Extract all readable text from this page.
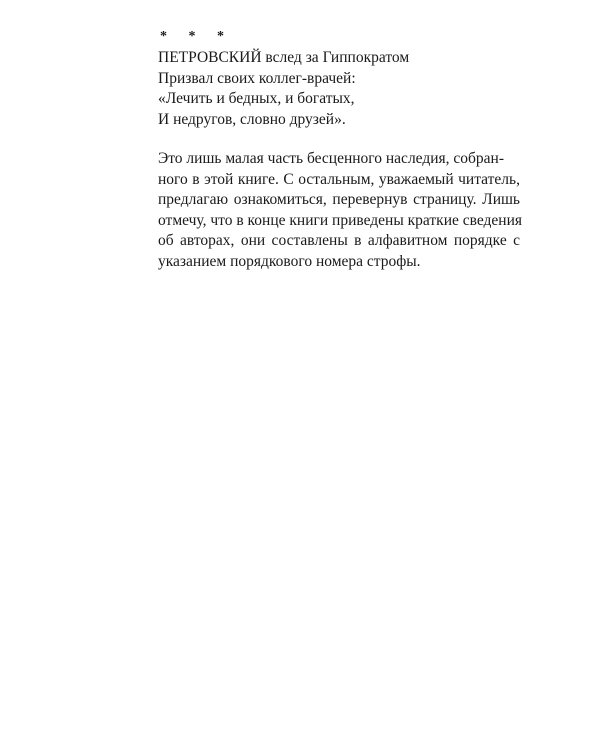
* * *
ПЕТРОВСКИЙ вслед за Гиппократом
Призвал своих коллег-врачей:
«Лечить и бедных, и богатых,
И недругов, словно друзей».
Это лишь малая часть бесценного наследия, собран-
ного в этой книге. С остальным, уважаемый читатель,
предлагаю ознакомиться, перевернув страницу. Лишь
отмечу, что в конце книги приведены краткие сведения
об авторах, они составлены в алфавитном порядке с
указанием порядкового номера строфы.
